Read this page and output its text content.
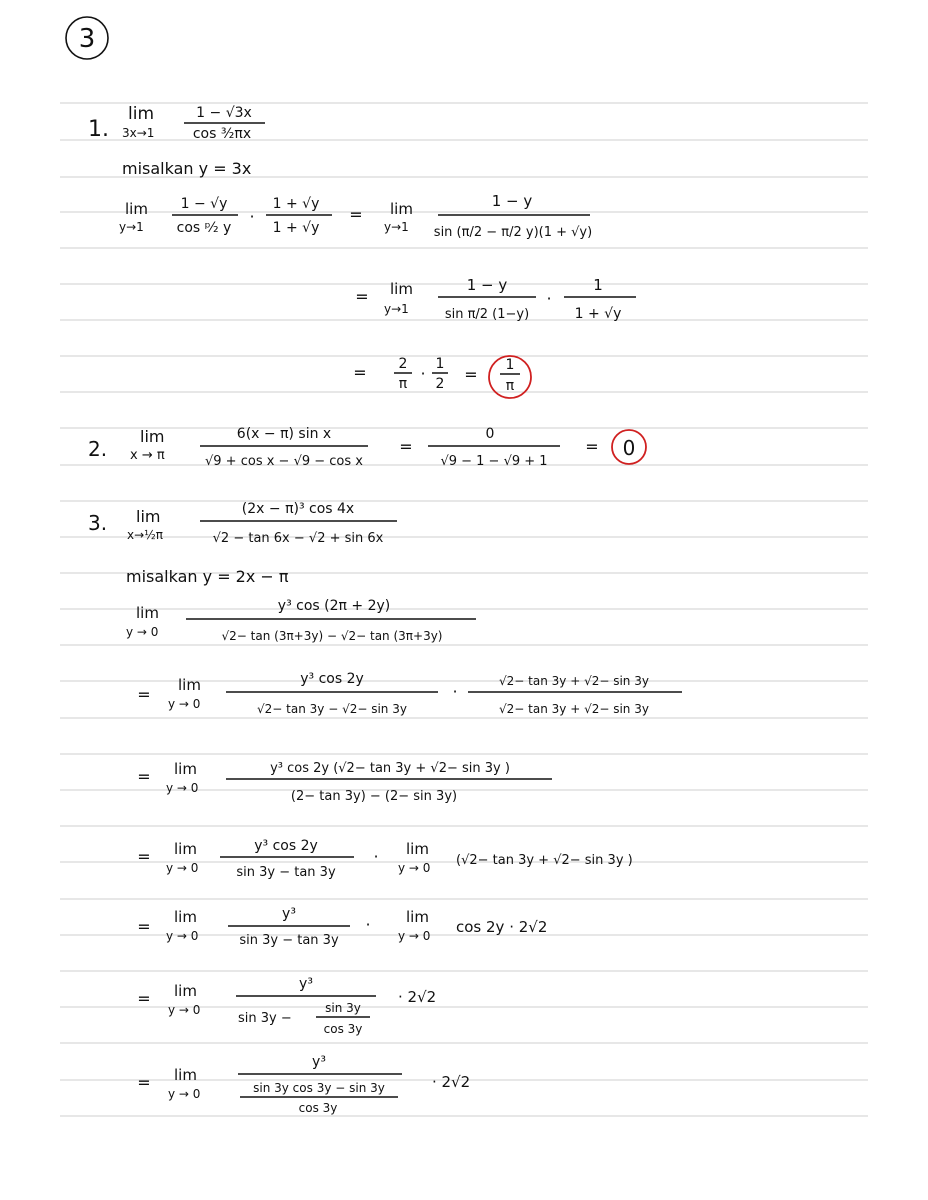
3
1.
lim
3x→1
1 − √3x
cos ³⁄₂πx
misalkan y = 3x
lim
y→1
1 − √y
cos ᵖ⁄₂ y
·
1 + √y
1 + √y
= lim
y→1
1 − y
sin (π/2 − π/2 y)(1 + √y)
= lim
y→1
1 − y
sin π/2 (1−y)
·
1
1 + √y
= 2
π
· 1
2 = 1
π
2.
lim
x → π
6(x − π) sin x
√9 + cos x − √9 − cos x
=
0
√9 − 1 − √9 + 1
= 0
3. lim
x→½π
(2x − π)³ cos 4x
√2 − tan 6x − √2 + sin 6x
misalkan y = 2x − π
lim
y → 0
y³ cos (2π + 2y)
√2− tan (3π+3y) − √2− tan (3π+3y)
= lim
y → 0
y³ cos 2y
√2− tan 3y − √2− sin 3y
·
√2− tan 3y + √2− sin 3y
√2− tan 3y + √2− sin 3y
= lim
y → 0
y³ cos 2y (√2− tan 3y + √2− sin 3y )
(2− tan 3y) − (2− sin 3y)
= lim
y → 0
y³ cos 2y
sin 3y − tan 3y
· lim
y → 0 (√2− tan 3y + √2− sin 3y )
= lim
y → 0
y³
sin 3y − tan 3y
· lim
y → 0 cos 2y · 2√2
= lim
y → 0
y³
sin 3y −
sin 3y
cos 3y
· 2√2
= lim
y → 0
y³
sin 3y cos 3y − sin 3y
cos 3y
· 2√2
